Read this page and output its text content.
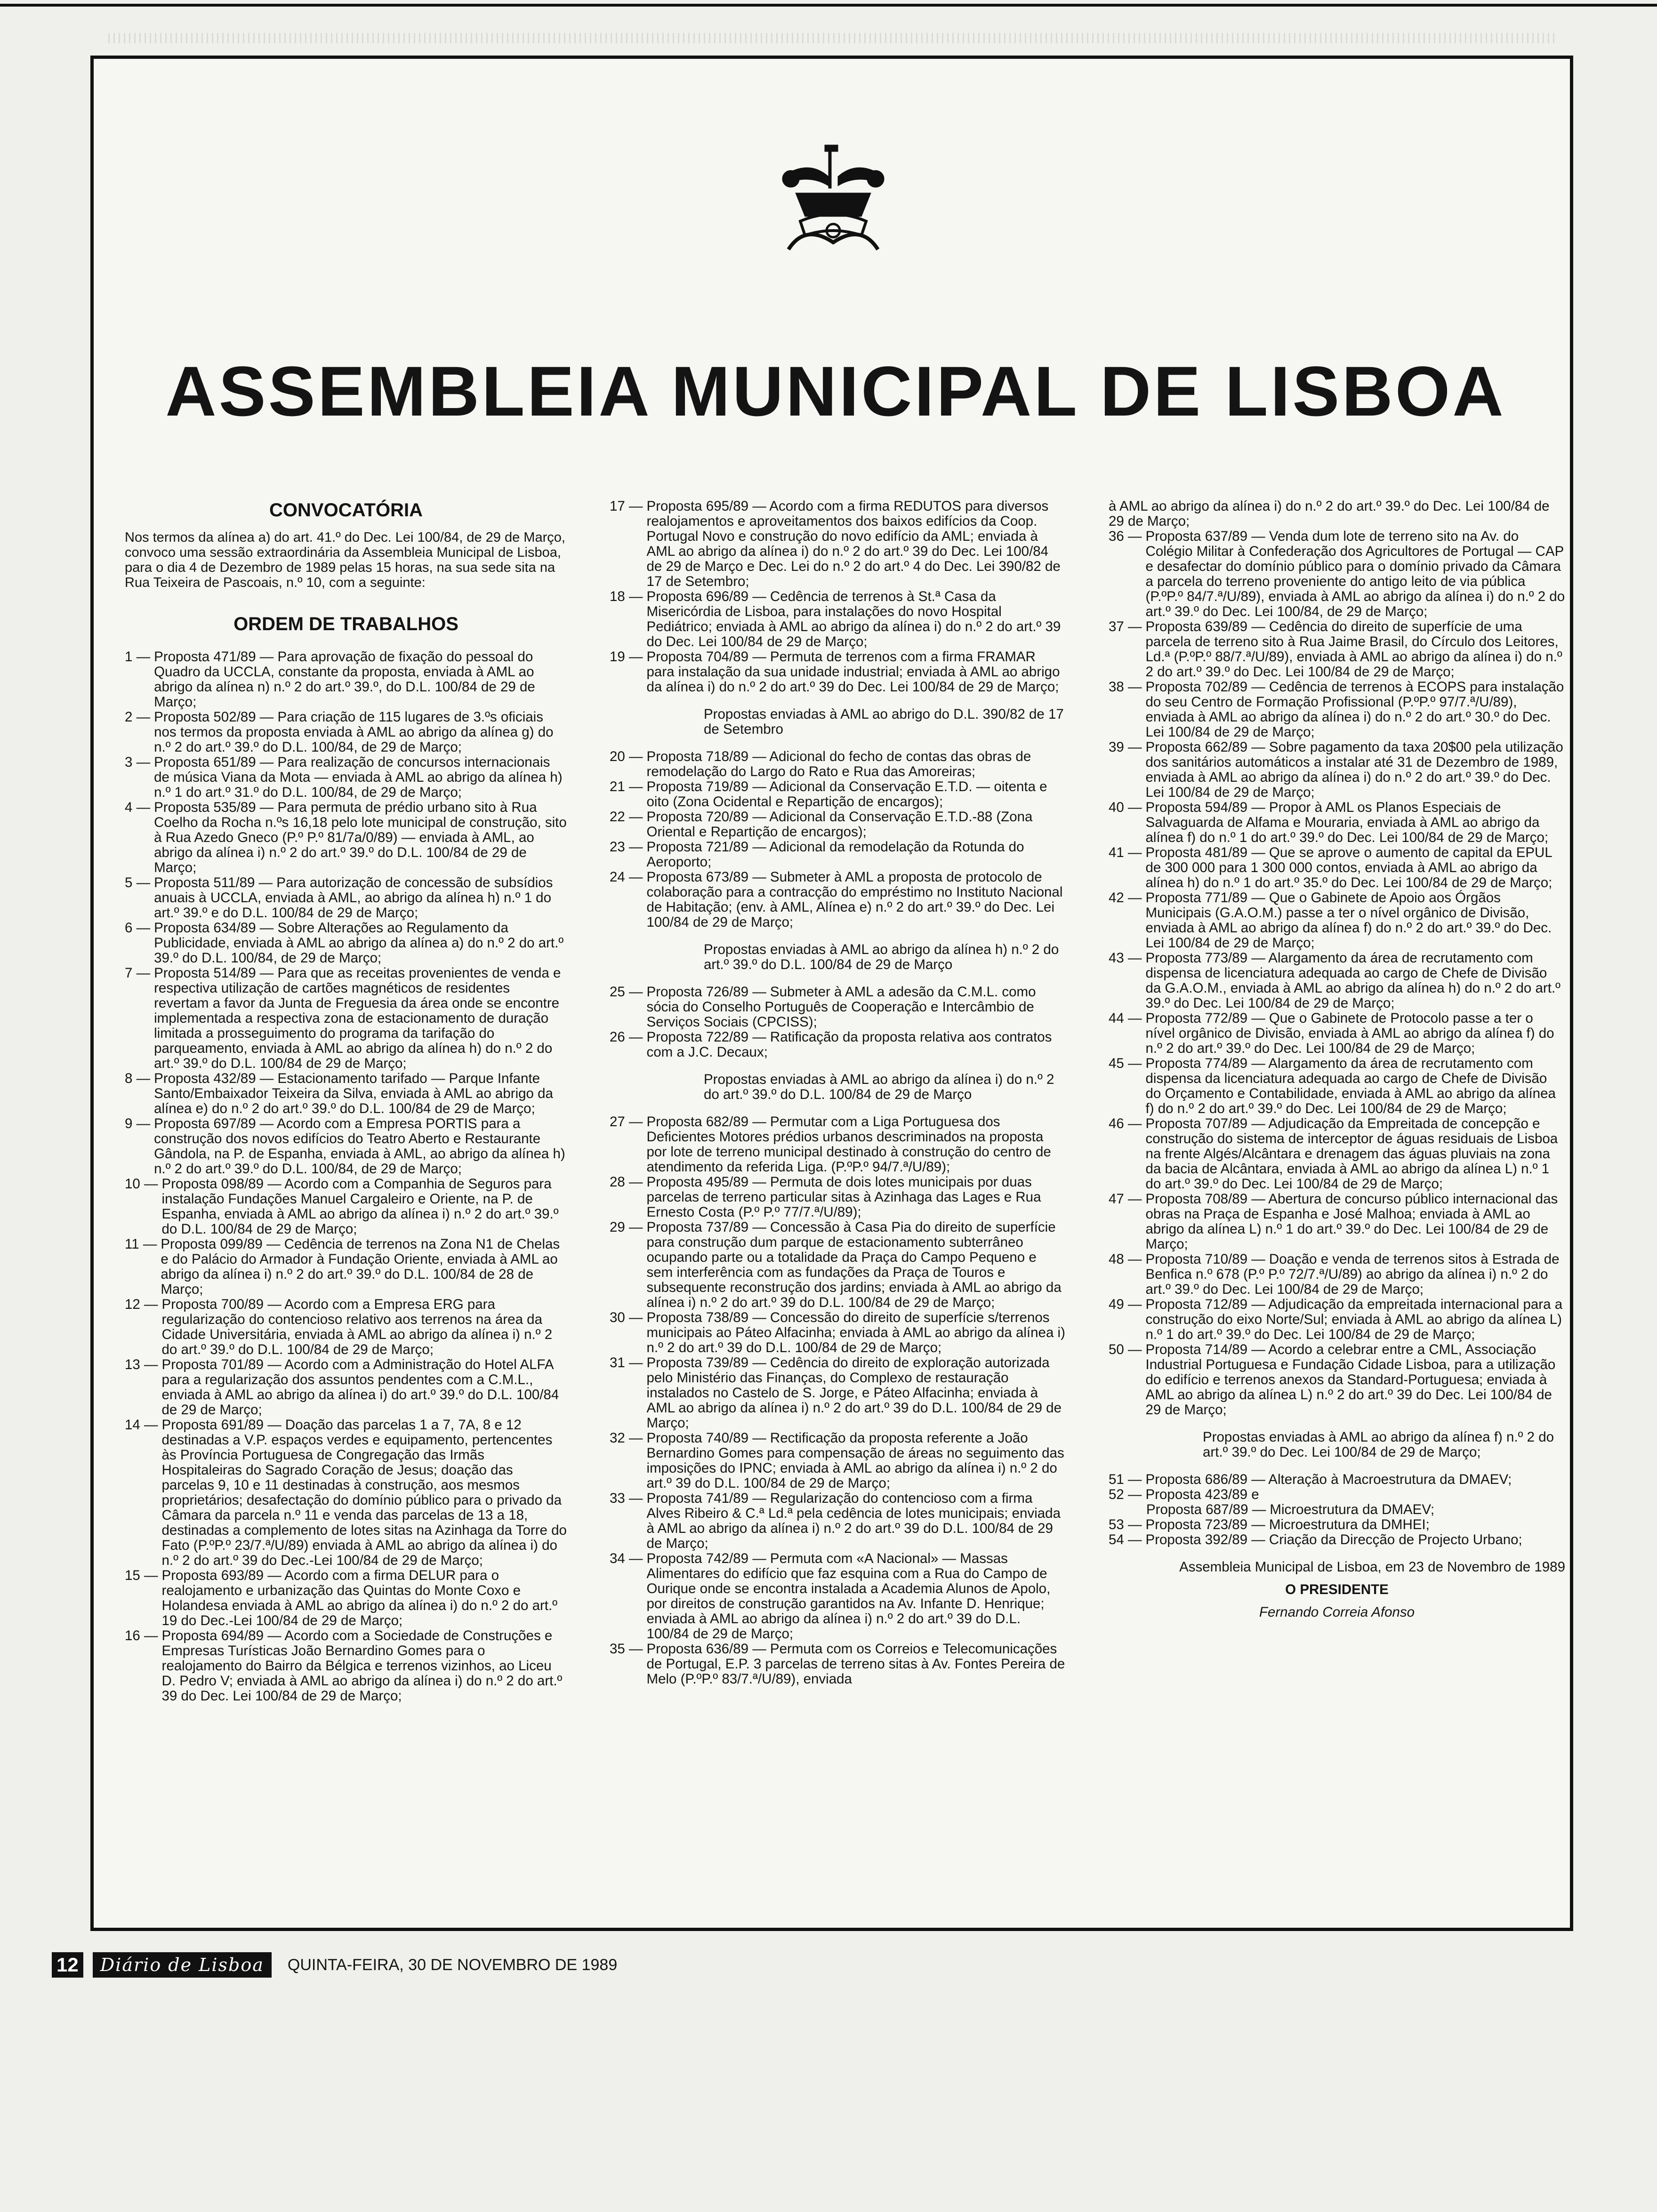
ASSEMBLEIA MUNICIPAL DE LISBOA
CONVOCATÓRIA
Nos termos da alínea a) do art. 41.º do Dec. Lei 100/84, de 29 de Março, convoco uma sessão extraordinária da Assembleia Municipal de Lisboa, para o dia 4 de Dezembro de 1989 pelas 15 horas, na sua sede sita na Rua Teixeira de Pascoais, n.º 10, com a seguinte:
ORDEM DE TRABALHOS
1 — Proposta 471/89 — Para aprovação de fixação do pessoal do Quadro da UCCLA, constante da proposta, enviada à AML ao abrigo da alínea n) n.º 2 do art.º 39.º, do D.L. 100/84 de 29 de Março;
2 — Proposta 502/89 — Para criação de 115 lugares de 3.ºs oficiais nos termos da proposta enviada à AML ao abrigo da alínea g) do n.º 2 do art.º 39.º do D.L. 100/84, de 29 de Março;
3 — Proposta 651/89 — Para realização de concursos internacionais de música Viana da Mota — enviada à AML ao abrigo da alínea h) n.º 1 do art.º 31.º do D.L. 100/84, de 29 de Março;
4 — Proposta 535/89 — Para permuta de prédio urbano sito à Rua Coelho da Rocha n.ºs 16,18 pelo lote municipal de construção, sito à Rua Azedo Gneco (P.º P.º 81/7a/0/89) — enviada à AML, ao abrigo da alínea i) n.º 2 do art.º 39.º do D.L. 100/84 de 29 de Março;
5 — Proposta 511/89 — Para autorização de concessão de subsídios anuais à UCCLA, enviada à AML, ao abrigo da alínea h) n.º 1 do art.º 39.º e do D.L. 100/84 de 29 de Março;
6 — Proposta 634/89 — Sobre Alterações ao Regulamento da Publicidade, enviada à AML ao abrigo da alínea a) do n.º 2 do art.º 39.º do D.L. 100/84, de 29 de Março;
7 — Proposta 514/89 — Para que as receitas provenientes de venda e respectiva utilização de cartões magnéticos de residentes revertam a favor da Junta de Freguesia da área onde se encontre implementada a respectiva zona de estacionamento de duração limitada a prosseguimento do programa da tarifação do parqueamento, enviada à AML ao abrigo da alínea h) do n.º 2 do art.º 39.º do D.L. 100/84 de 29 de Março;
8 — Proposta 432/89 — Estacionamento tarifado — Parque Infante Santo/Embaixador Teixeira da Silva, enviada à AML ao abrigo da alínea e) do n.º 2 do art.º 39.º do D.L. 100/84 de 29 de Março;
9 — Proposta 697/89 — Acordo com a Empresa PORTIS para a construção dos novos edifícios do Teatro Aberto e Restaurante Gândola, na P. de Espanha, enviada à AML, ao abrigo da alínea h) n.º 2 do art.º 39.º do D.L. 100/84, de 29 de Março;
10 — Proposta 098/89 — Acordo com a Companhia de Seguros para instalação Fundações Manuel Cargaleiro e Oriente, na P. de Espanha, enviada à AML ao abrigo da alínea i) n.º 2 do art.º 39.º do D.L. 100/84 de 29 de Março;
11 — Proposta 099/89 — Cedência de terrenos na Zona N1 de Chelas e do Palácio do Armador à Fundação Oriente, enviada à AML ao abrigo da alínea i) n.º 2 do art.º 39.º do D.L. 100/84 de 28 de Março;
12 — Proposta 700/89 — Acordo com a Empresa ERG para regularização do contencioso relativo aos terrenos na área da Cidade Universitária, enviada à AML ao abrigo da alínea i) n.º 2 do art.º 39.º do D.L. 100/84 de 29 de Março;
13 — Proposta 701/89 — Acordo com a Administração do Hotel ALFA para a regularização dos assuntos pendentes com a C.M.L., enviada à AML ao abrigo da alínea i) do art.º 39.º do D.L. 100/84 de 29 de Março;
14 — Proposta 691/89 — Doação das parcelas 1 a 7, 7A, 8 e 12 destinadas a V.P. espaços verdes e equipamento, pertencentes às Província Portuguesa de Congregação das Irmãs Hospitaleiras do Sagrado Coração de Jesus; doação das parcelas 9, 10 e 11 destinadas à construção, aos mesmos proprietários; desafectação do domínio público para o privado da Câmara da parcela n.º 11 e venda das parcelas de 13 a 18, destinadas a complemento de lotes sitas na Azinhaga da Torre do Fato (P.ºP.º 23/7.ª/U/89) enviada à AML ao abrigo da alínea i) do n.º 2 do art.º 39 do Dec.-Lei 100/84 de 29 de Março;
15 — Proposta 693/89 — Acordo com a firma DELUR para o realojamento e urbanização das Quintas do Monte Coxo e Holandesa enviada à AML ao abrigo da alínea i) do n.º 2 do art.º 19 do Dec.-Lei 100/84 de 29 de Março;
16 — Proposta 694/89 — Acordo com a Sociedade de Construções e Empresas Turísticas João Bernardino Gomes para o realojamento do Bairro da Bélgica e terrenos vizinhos, ao Liceu D. Pedro V; enviada à AML ao abrigo da alínea i) do n.º 2 do art.º 39 do Dec. Lei 100/84 de 29 de Março;
17 — Proposta 695/89 — Acordo com a firma REDUTOS para diversos realojamentos e aproveitamentos dos baixos edifícios da Coop. Portugal Novo e construção do novo edifício da AML; enviada à AML ao abrigo da alínea i) do n.º 2 do art.º 39 do Dec. Lei 100/84 de 29 de Março e Dec. Lei do n.º 2 do art.º 4 do Dec. Lei 390/82 de 17 de Setembro;
18 — Proposta 696/89 — Cedência de terrenos à St.ª Casa da Misericórdia de Lisboa, para instalações do novo Hospital Pediátrico; enviada à AML ao abrigo da alínea i) do n.º 2 do art.º 39 do Dec. Lei 100/84 de 29 de Março;
19 — Proposta 704/89 — Permuta de terrenos com a firma FRAMAR para instalação da sua unidade industrial; enviada à AML ao abrigo da alínea i) do n.º 2 do art.º 39 do Dec. Lei 100/84 de 29 de Março;
Propostas enviadas à AML ao abrigo do D.L. 390/82 de 17 de Setembro
20 — Proposta 718/89 — Adicional do fecho de contas das obras de remodelação do Largo do Rato e Rua das Amoreiras;
21 — Proposta 719/89 — Adicional da Conservação E.T.D. — oitenta e oito (Zona Ocidental e Repartição de encargos);
22 — Proposta 720/89 — Adicional da Conservação E.T.D.-88 (Zona Oriental e Repartição de encargos);
23 — Proposta 721/89 — Adicional da remodelação da Rotunda do Aeroporto;
24 — Proposta 673/89 — Submeter à AML a proposta de protocolo de colaboração para a contracção do empréstimo no Instituto Nacional de Habitação; (env. à AML, Alínea e) n.º 2 do art.º 39.º do Dec. Lei 100/84 de 29 de Março;
Propostas enviadas à AML ao abrigo da alínea h) n.º 2 do art.º 39.º do D.L. 100/84 de 29 de Março
25 — Proposta 726/89 — Submeter à AML a adesão da C.M.L. como sócia do Conselho Português de Cooperação e Intercâmbio de Serviços Sociais (CPCISS);
26 — Proposta 722/89 — Ratificação da proposta relativa aos contratos com a J.C. Decaux;
Propostas enviadas à AML ao abrigo da alínea i) do n.º 2 do art.º 39.º do D.L. 100/84 de 29 de Março
27 — Proposta 682/89 — Permutar com a Liga Portuguesa dos Deficientes Motores prédios urbanos descriminados na proposta por lote de terreno municipal destinado à construção do centro de atendimento da referida Liga. (P.ºP.º 94/7.ª/U/89);
28 — Proposta 495/89 — Permuta de dois lotes municipais por duas parcelas de terreno particular sitas à Azinhaga das Lages e Rua Ernesto Costa (P.º P.º 77/7.ª/U/89);
29 — Proposta 737/89 — Concessão à Casa Pia do direito de superfície para construção dum parque de estacionamento subterrâneo ocupando parte ou a totalidade da Praça do Campo Pequeno e sem interferência com as fundações da Praça de Touros e subsequente reconstrução dos jardins; enviada à AML ao abrigo da alínea i) n.º 2 do art.º 39 do D.L. 100/84 de 29 de Março;
30 — Proposta 738/89 — Concessão do direito de superfície s/terrenos municipais ao Páteo Alfacinha; enviada à AML ao abrigo da alínea i) n.º 2 do art.º 39 do D.L. 100/84 de 29 de Março;
31 — Proposta 739/89 — Cedência do direito de exploração autorizada pelo Ministério das Finanças, do Complexo de restauração instalados no Castelo de S. Jorge, e Páteo Alfacinha; enviada à AML ao abrigo da alínea i) n.º 2 do art.º 39 do D.L. 100/84 de 29 de Março;
32 — Proposta 740/89 — Rectificação da proposta referente a João Bernardino Gomes para compensação de áreas no seguimento das imposições do IPNC; enviada à AML ao abrigo da alínea i) n.º 2 do art.º 39 do D.L. 100/84 de 29 de Março;
33 — Proposta 741/89 — Regularização do contencioso com a firma Alves Ribeiro & C.ª Ld.ª pela cedência de lotes municipais; enviada à AML ao abrigo da alínea i) n.º 2 do art.º 39 do D.L. 100/84 de 29 de Março;
34 — Proposta 742/89 — Permuta com «A Nacional» — Massas Alimentares do edifício que faz esquina com a Rua do Campo de Ourique onde se encontra instalada a Academia Alunos de Apolo, por direitos de construção garantidos na Av. Infante D. Henrique; enviada à AML ao abrigo da alínea i) n.º 2 do art.º 39 do D.L. 100/84 de 29 de Março;
35 — Proposta 636/89 — Permuta com os Correios e Telecomunicações de Portugal, E.P. 3 parcelas de terreno sitas à Av. Fontes Pereira de Melo (P.ºP.º 83/7.ª/U/89), enviada
à AML ao abrigo da alínea i) do n.º 2 do art.º 39.º do Dec. Lei 100/84 de 29 de Março;
36 — Proposta 637/89 — Venda dum lote de terreno sito na Av. do Colégio Militar à Confederação dos Agricultores de Portugal — CAP e desafectar do domínio público para o domínio privado da Câmara a parcela do terreno proveniente do antigo leito de via pública (P.ºP.º 84/7.ª/U/89), enviada à AML ao abrigo da alínea i) do n.º 2 do art.º 39.º do Dec. Lei 100/84, de 29 de Março;
37 — Proposta 639/89 — Cedência do direito de superfície de uma parcela de terreno sito à Rua Jaime Brasil, do Círculo dos Leitores, Ld.ª (P.ºP.º 88/7.ª/U/89), enviada à AML ao abrigo da alínea i) do n.º 2 do art.º 39.º do Dec. Lei 100/84 de 29 de Março;
38 — Proposta 702/89 — Cedência de terrenos à ECOPS para instalação do seu Centro de Formação Profissional (P.ºP.º 97/7.ª/U/89), enviada à AML ao abrigo da alínea i) do n.º 2 do art.º 30.º do Dec. Lei 100/84 de 29 de Março;
39 — Proposta 662/89 — Sobre pagamento da taxa 20$00 pela utilização dos sanitários automáticos a instalar até 31 de Dezembro de 1989, enviada à AML ao abrigo da alínea i) do n.º 2 do art.º 39.º do Dec. Lei 100/84 de 29 de Março;
40 — Proposta 594/89 — Propor à AML os Planos Especiais de Salvaguarda de Alfama e Mouraria, enviada à AML ao abrigo da alínea f) do n.º 1 do art.º 39.º do Dec. Lei 100/84 de 29 de Março;
41 — Proposta 481/89 — Que se aprove o aumento de capital da EPUL de 300 000 para 1 300 000 contos, enviada à AML ao abrigo da alínea h) do n.º 1 do art.º 35.º do Dec. Lei 100/84 de 29 de Março;
42 — Proposta 771/89 — Que o Gabinete de Apoio aos Órgãos Municipais (G.A.O.M.) passe a ter o nível orgânico de Divisão, enviada à AML ao abrigo da alínea f) do n.º 2 do art.º 39.º do Dec. Lei 100/84 de 29 de Março;
43 — Proposta 773/89 — Alargamento da área de recrutamento com dispensa de licenciatura adequada ao cargo de Chefe de Divisão da G.A.O.M., enviada à AML ao abrigo da alínea h) do n.º 2 do art.º 39.º do Dec. Lei 100/84 de 29 de Março;
44 — Proposta 772/89 — Que o Gabinete de Protocolo passe a ter o nível orgânico de Divisão, enviada à AML ao abrigo da alínea f) do n.º 2 do art.º 39.º do Dec. Lei 100/84 de 29 de Março;
45 — Proposta 774/89 — Alargamento da área de recrutamento com dispensa da licenciatura adequada ao cargo de Chefe de Divisão do Orçamento e Contabilidade, enviada à AML ao abrigo da alínea f) do n.º 2 do art.º 39.º do Dec. Lei 100/84 de 29 de Março;
46 — Proposta 707/89 — Adjudicação da Empreitada de concepção e construção do sistema de interceptor de águas residuais de Lisboa na frente Algés/Alcântara e drenagem das águas pluviais na zona da bacia de Alcântara, enviada à AML ao abrigo da alínea L) n.º 1 do art.º 39.º do Dec. Lei 100/84 de 29 de Março;
47 — Proposta 708/89 — Abertura de concurso público internacional das obras na Praça de Espanha e José Malhoa; enviada à AML ao abrigo da alínea L) n.º 1 do art.º 39.º do Dec. Lei 100/84 de 29 de Março;
48 — Proposta 710/89 — Doação e venda de terrenos sitos à Estrada de Benfica n.º 678 (P.º P.º 72/7.ª/U/89) ao abrigo da alínea i) n.º 2 do art.º 39.º do Dec. Lei 100/84 de 29 de Março;
49 — Proposta 712/89 — Adjudicação da empreitada internacional para a construção do eixo Norte/Sul; enviada à AML ao abrigo da alínea L) n.º 1 do art.º 39.º do Dec. Lei 100/84 de 29 de Março;
50 — Proposta 714/89 — Acordo a celebrar entre a CML, Associação Industrial Portuguesa e Fundação Cidade Lisboa, para a utilização do edifício e terrenos anexos da Standard-Portuguesa; enviada à AML ao abrigo da alínea L) n.º 2 do art.º 39 do Dec. Lei 100/84 de 29 de Março;
Propostas enviadas à AML ao abrigo da alínea f) n.º 2 do art.º 39.º do Dec. Lei 100/84 de 29 de Março;
51 — Proposta 686/89 — Alteração à Macroestrutura da DMAEV;
52 — Proposta 423/89 e
Proposta 687/89 — Microestrutura da DMAEV;
53 — Proposta 723/89 — Microestrutura da DMHEI;
54 — Proposta 392/89 — Criação da Direcção de Projecto Urbano;
Assembleia Municipal de Lisboa, em 23 de Novembro de 1989
O PRESIDENTE
Fernando Correia Afonso
12	Diário de Lisboa	QUINTA-FEIRA, 30 DE NOVEMBRO DE 1989
